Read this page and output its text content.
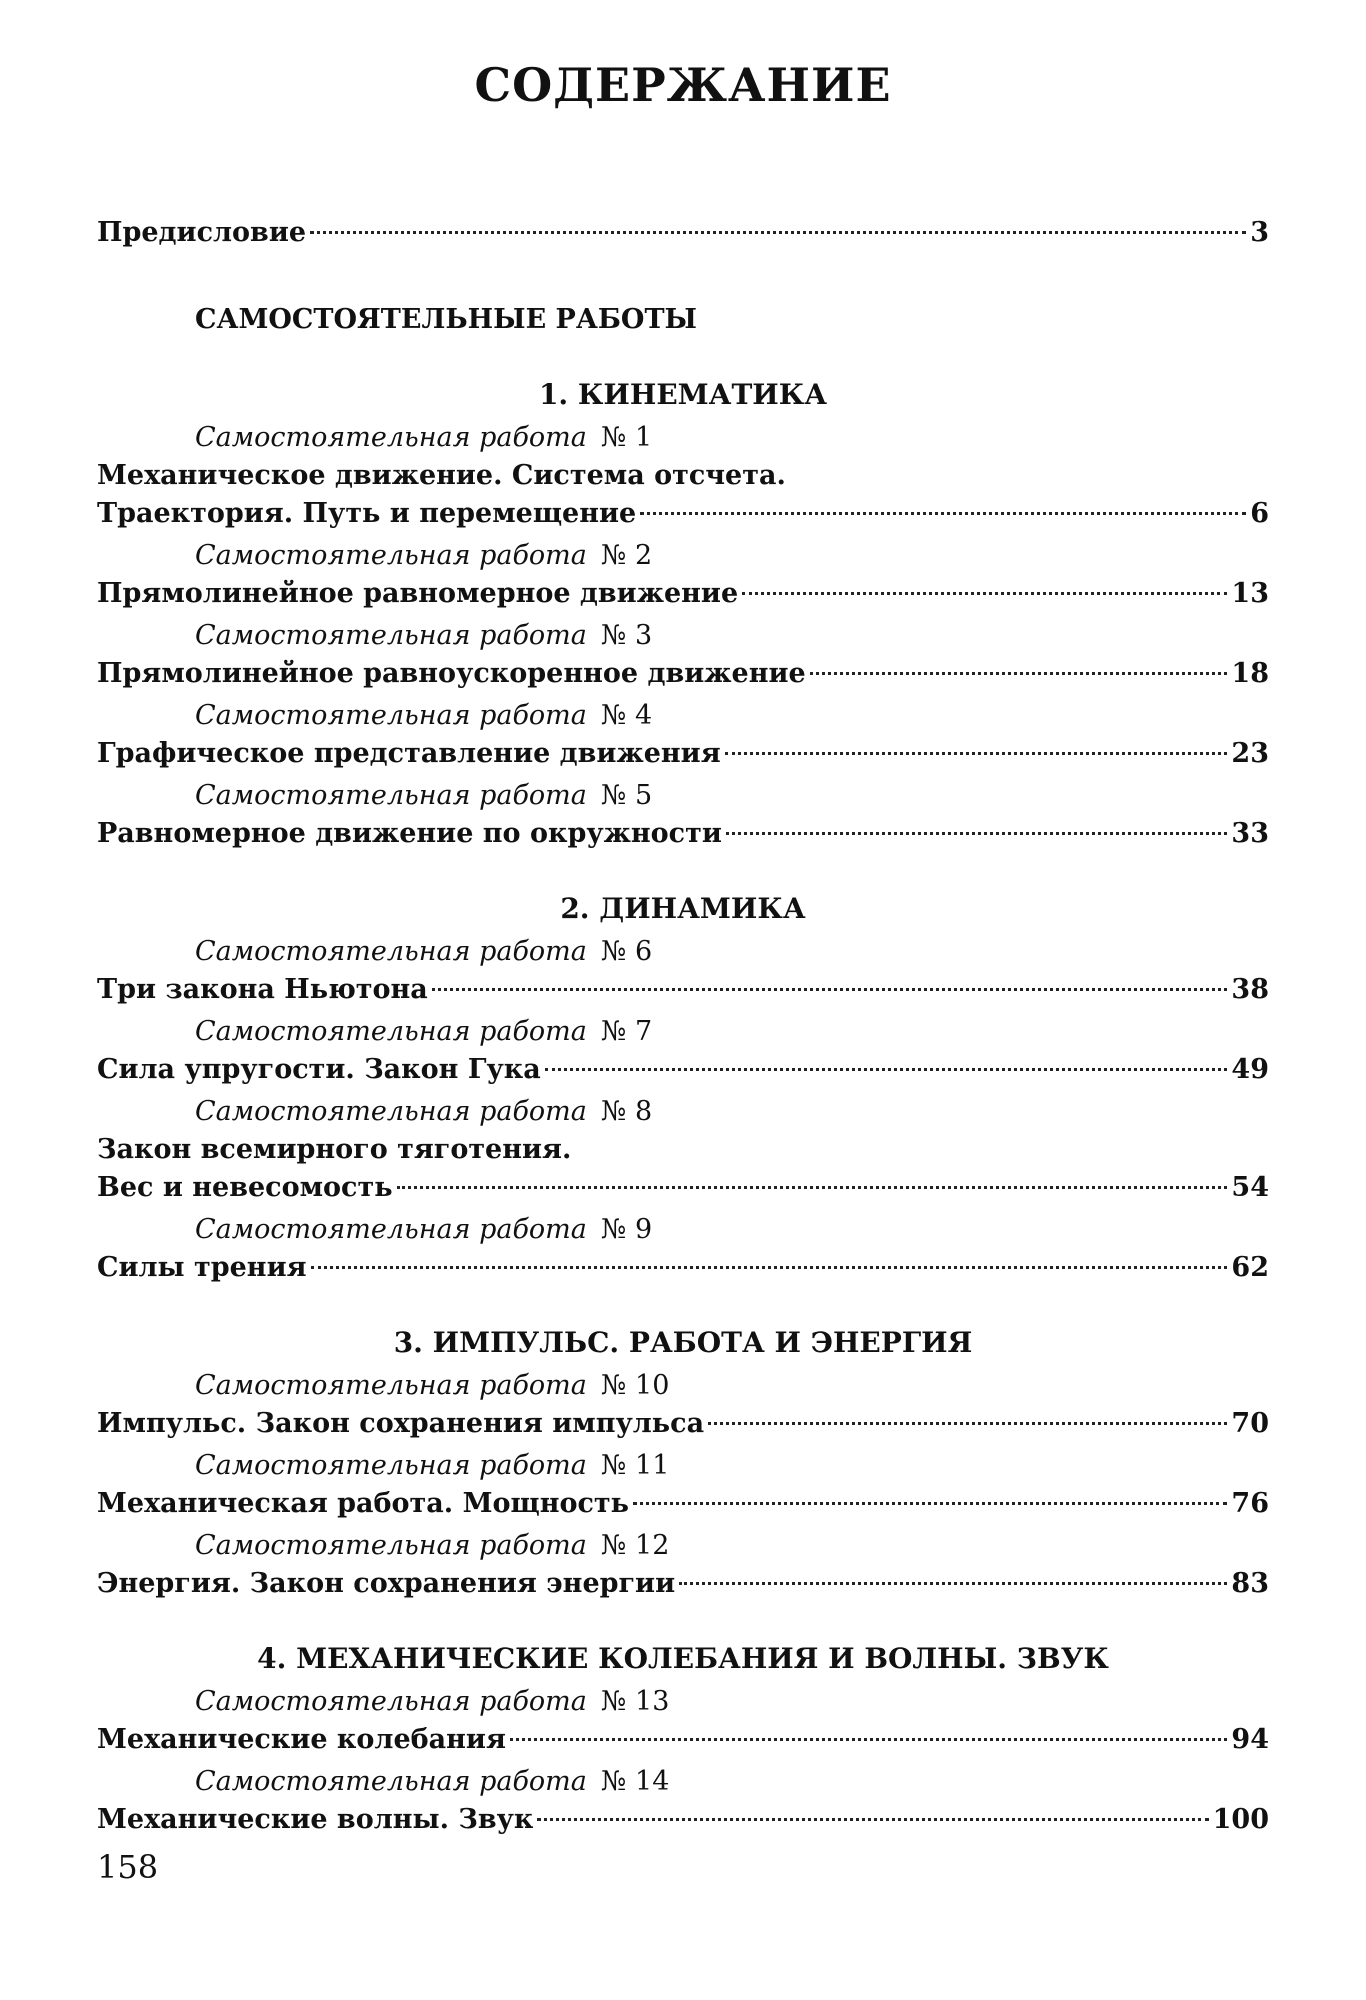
СОДЕРЖАНИЕ
Предисловие	3
САМОСТОЯТЕЛЬНЫЕ РАБОТЫ
1. КИНЕМАТИКА
Самостоятельная работа № 1
Механическое движение. Система отсчета.
Траектория. Путь и перемещение	6
Самостоятельная работа № 2
Прямолинейное равномерное движение	13
Самостоятельная работа № 3
Прямолинейное равноускоренное движение	18
Самостоятельная работа № 4
Графическое представление движения	23
Самостоятельная работа № 5
Равномерное движение по окружности	33
2. ДИНАМИКА
Самостоятельная работа № 6
Три закона Ньютона	38
Самостоятельная работа № 7
Сила упругости. Закон Гука	49
Самостоятельная работа № 8
Закон всемирного тяготения.
Вес и невесомость	54
Самостоятельная работа № 9
Силы трения	62
3. ИМПУЛЬС. РАБОТА И ЭНЕРГИЯ
Самостоятельная работа № 10
Импульс. Закон сохранения импульса	70
Самостоятельная работа № 11
Механическая работа. Мощность	76
Самостоятельная работа № 12
Энергия. Закон сохранения энергии	83
4. МЕХАНИЧЕСКИЕ КОЛЕБАНИЯ И ВОЛНЫ. ЗВУК
Самостоятельная работа № 13
Механические колебания	94
Самостоятельная работа № 14
Механические волны. Звук	100
158
